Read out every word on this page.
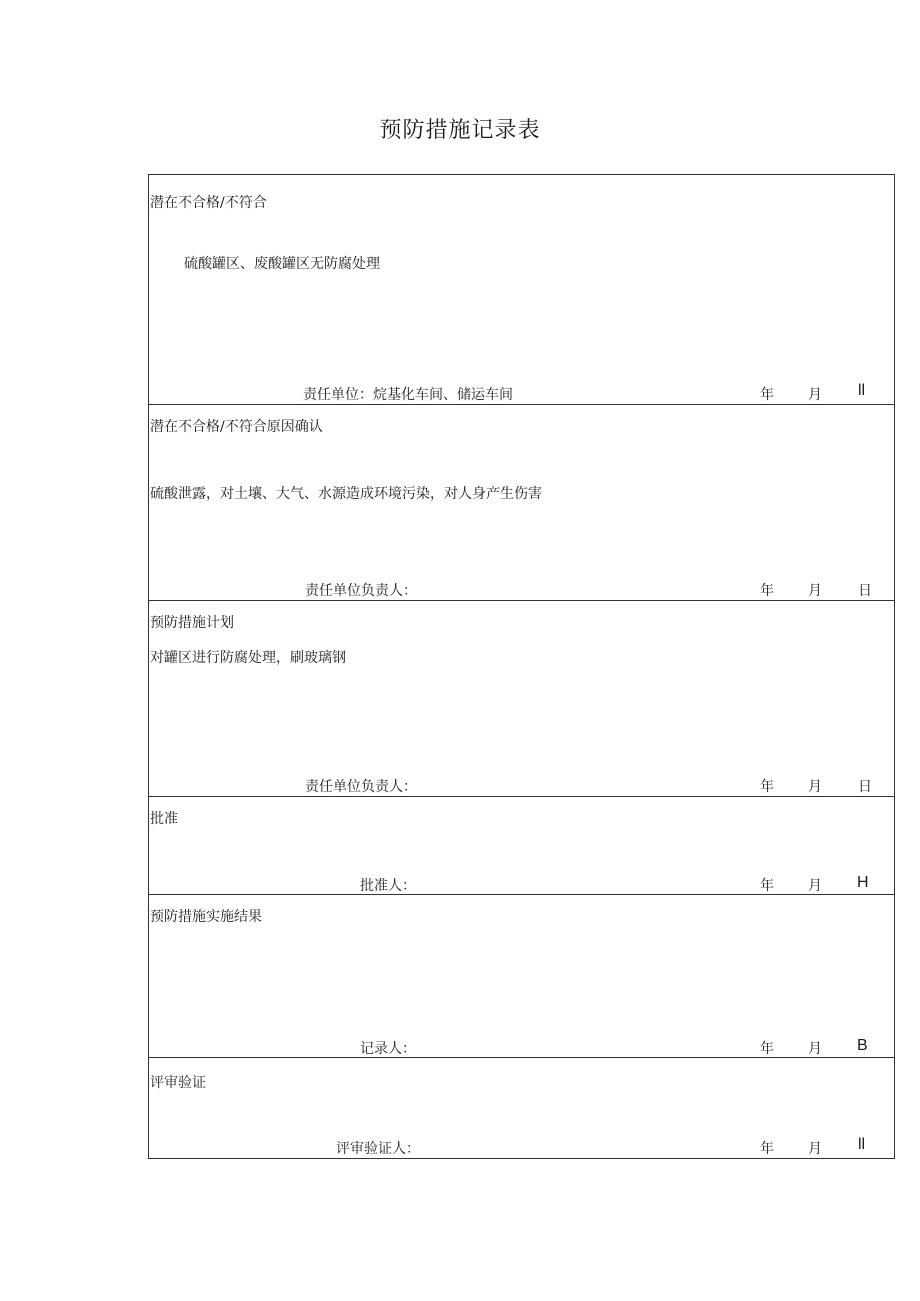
预防措施记录表
潜在不合格/不符合
硫酸罐区、废酸罐区无防腐处理
责任单位：烷基化车间、储运车间	年 月 ll
潜在不合格/不符合原因确认
硫酸泄露，对土壤、大气、水源造成环境污染，对人身产生伤害
责任单位负责人：	年 月	日
预防措施计划
对罐区进行防腐处理，刷玻璃钢
责任单位负责人：	年 月	日
批准
批准人：	年 月 H
预防措施实施结果
记录人：	年 月 B
评审验证
评审验证人：	年 月 ll
